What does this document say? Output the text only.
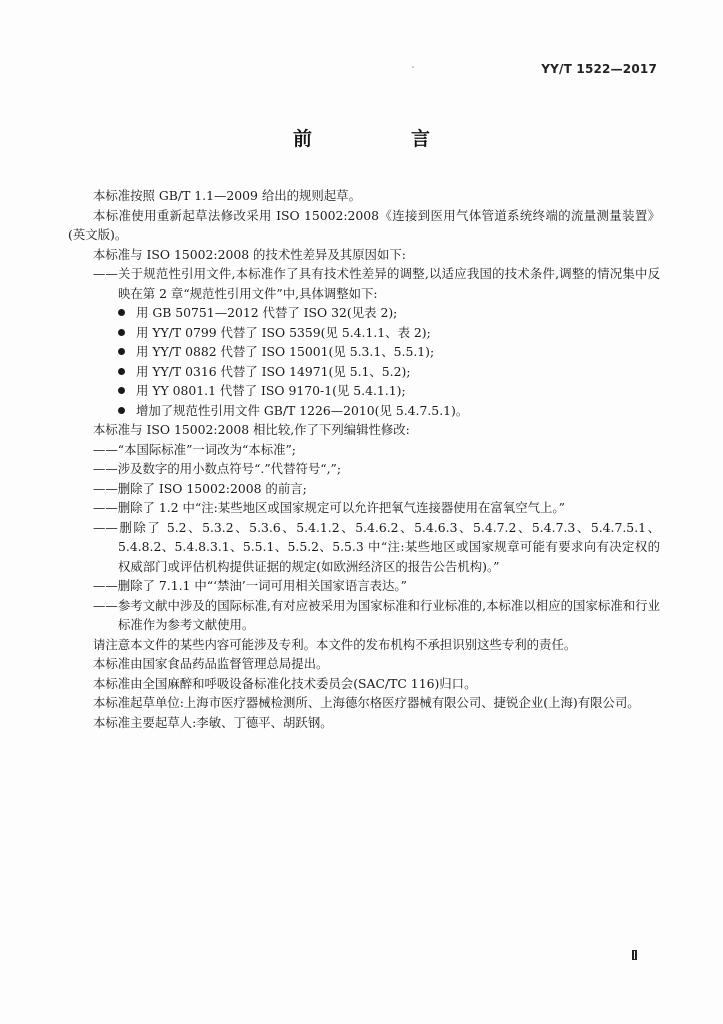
YY/T 1522—2017
前　言

本标准按照 GB/T 1.1—2009 给出的规则起草。

本标准使用重新起草法修改采用 ISO 15002:2008《连接到医用气体管道系统终端的流量测量装置》(英文版)。

本标准与 ISO 15002:2008 的技术性差异及其原因如下:

——关于规范性引用文件,本标准作了具有技术性差异的调整,以适应我国的技术条件,调整的情况集中反映在第 2 章“规范性引用文件”中,具体调整如下:

用 GB 50751—2012 代替了 ISO 32(见表 2);
用 YY/T 0799 代替了 ISO 5359(见 5.4.1.1、表 2);
用 YY/T 0882 代替了 ISO 15001(见 5.3.1、5.5.1);
用 YY/T 0316 代替了 ISO 14971(见 5.1、5.2);
用 YY 0801.1 代替了 ISO 9170-1(见 5.4.1.1);
增加了规范性引用文件 GB/T 1226—2010(见 5.4.7.5.1)。

本标准与 ISO 15002:2008 相比较,作了下列编辑性修改:

——“本国际标准”一词改为“本标准”;

——涉及数字的用小数点符号“.”代替符号“,”;

——删除了 ISO 15002:2008 的前言;

——删除了 1.2 中“注:某些地区或国家规定可以允许把氧气连接器使用在富氧空气上。”

——删除了 5.2、5.3.2、5.3.6、5.4.1.2、5.4.6.2、5.4.6.3、5.4.7.2、5.4.7.3、5.4.7.5.1、5.4.8.2、5.4.8.3.1、5.5.1、5.5.2、5.5.3 中“注:某些地区或国家规章可能有要求向有决定权的权威部门或评估机构提供证据的规定(如欧洲经济区的报告公告机构)。”

——删除了 7.1.1 中“‘禁油’一词可用相关国家语言表达。”

——参考文献中涉及的国际标准,有对应被采用为国家标准和行业标准的,本标准以相应的国家标准和行业标准作为参考文献使用。

请注意本文件的某些内容可能涉及专利。本文件的发布机构不承担识别这些专利的责任。

本标准由国家食品药品监督管理总局提出。

本标准由全国麻醉和呼吸设备标准化技术委员会(SAC/TC 116)归口。

本标准起草单位:上海市医疗器械检测所、上海德尔格医疗器械有限公司、捷锐企业(上海)有限公司。

本标准主要起草人:李敏、丁德平、胡跃钢。
